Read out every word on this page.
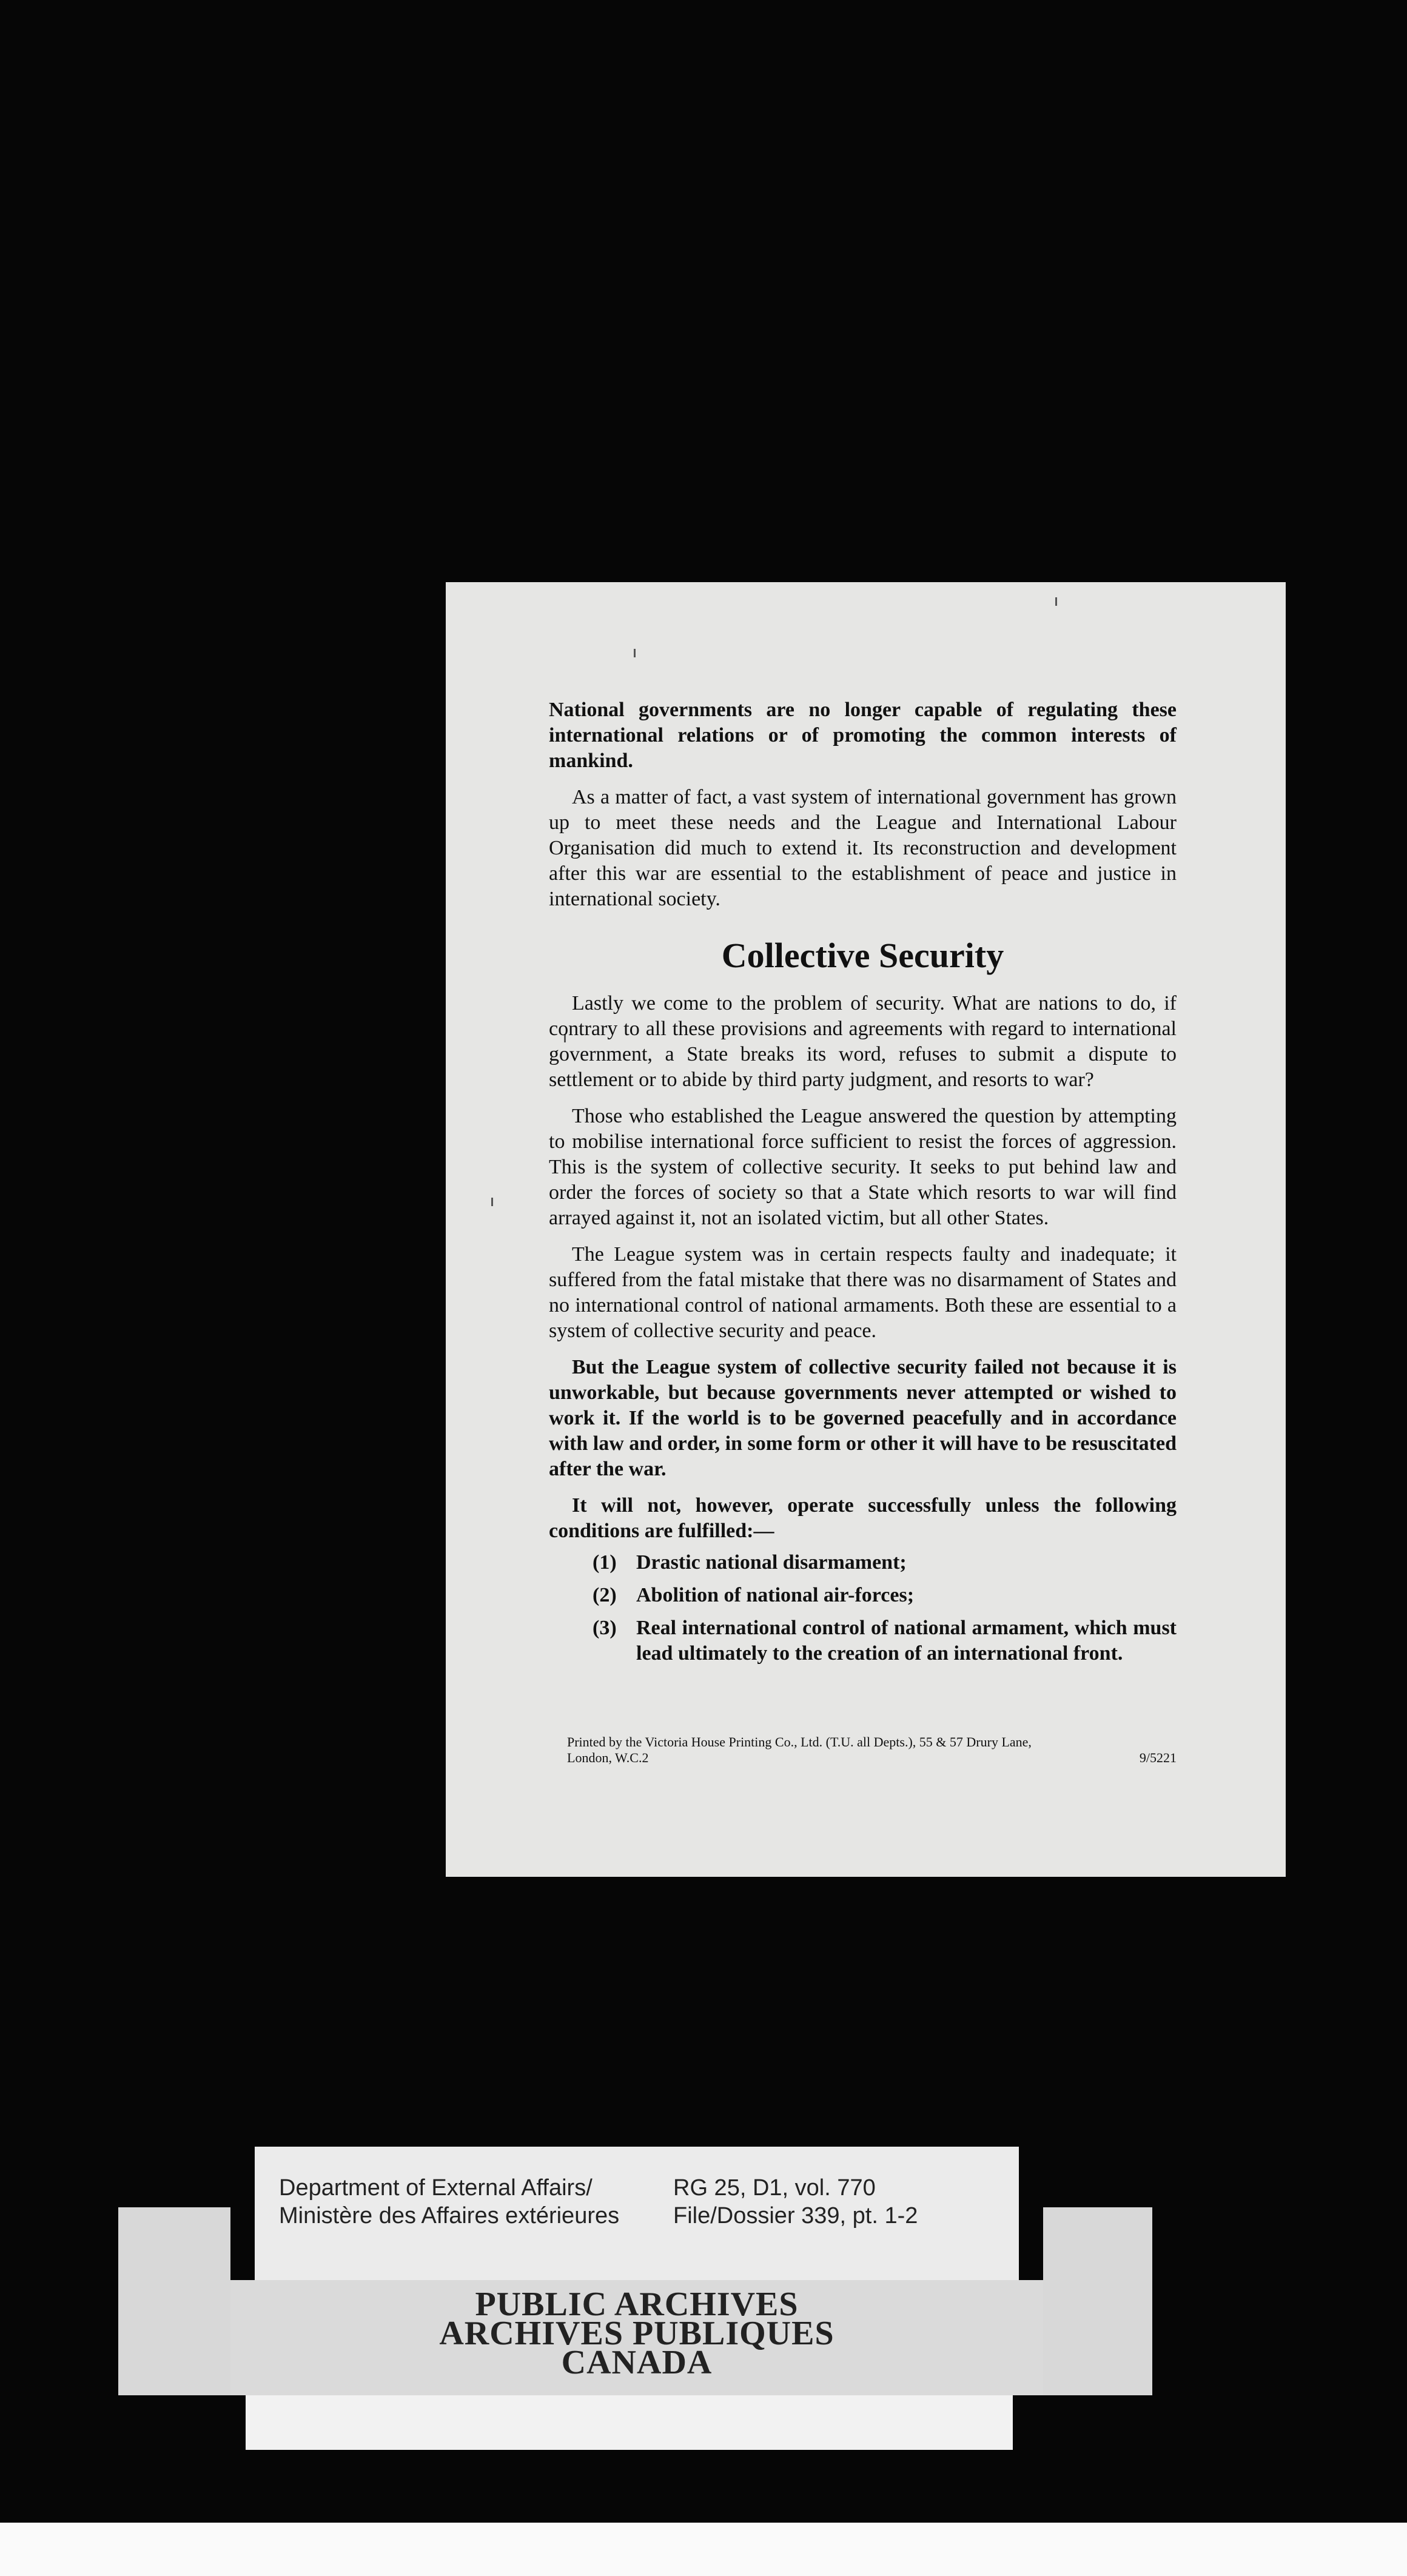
National governments are no longer capable of regulating these international relations or of promoting the common interests of mankind.

As a matter of fact, a vast system of international government has grown up to meet these needs and the League and International Labour Organisation did much to extend it. Its reconstruction and development after this war are essential to the establishment of peace and justice in international society.

Collective Security

Lastly we come to the problem of security. What are nations to do, if contrary to all these provisions and agreements with regard to international government, a State breaks its word, refuses to submit a dispute to settlement or to abide by third party judgment, and resorts to war?

Those who established the League answered the question by attempting to mobilise international force sufficient to resist the forces of aggression. This is the system of collective security. It seeks to put behind law and order the forces of society so that a State which resorts to war will find arrayed against it, not an isolated victim, but all other States.

The League system was in certain respects faulty and inadequate; it suffered from the fatal mistake that there was no disarmament of States and no international control of national armaments. Both these are essential to a system of collective security and peace.

But the League system of collective security failed not because it is unworkable, but because governments never attempted or wished to work it. If the world is to be governed peacefully and in accordance with law and order, in some form or other it will have to be resuscitated after the war.

It will not, however, operate successfully unless the following conditions are fulfilled:—

(1) Drastic national disarmament;
(2) Abolition of national air-forces;
(3) Real international control of national armament, which must lead ultimately to the creation of an international front.
Printed by the Victoria House Printing Co., Ltd. (T.U. all Depts.), 55 & 57 Drury Lane,
London, W.C.2	9/5221
Department of External Affairs/
Ministère des Affaires extérieures
RG 25, D1, vol. 770
File/Dossier 339, pt. 1-2
PUBLIC ARCHIVES
ARCHIVES PUBLIQUES
CANADA
